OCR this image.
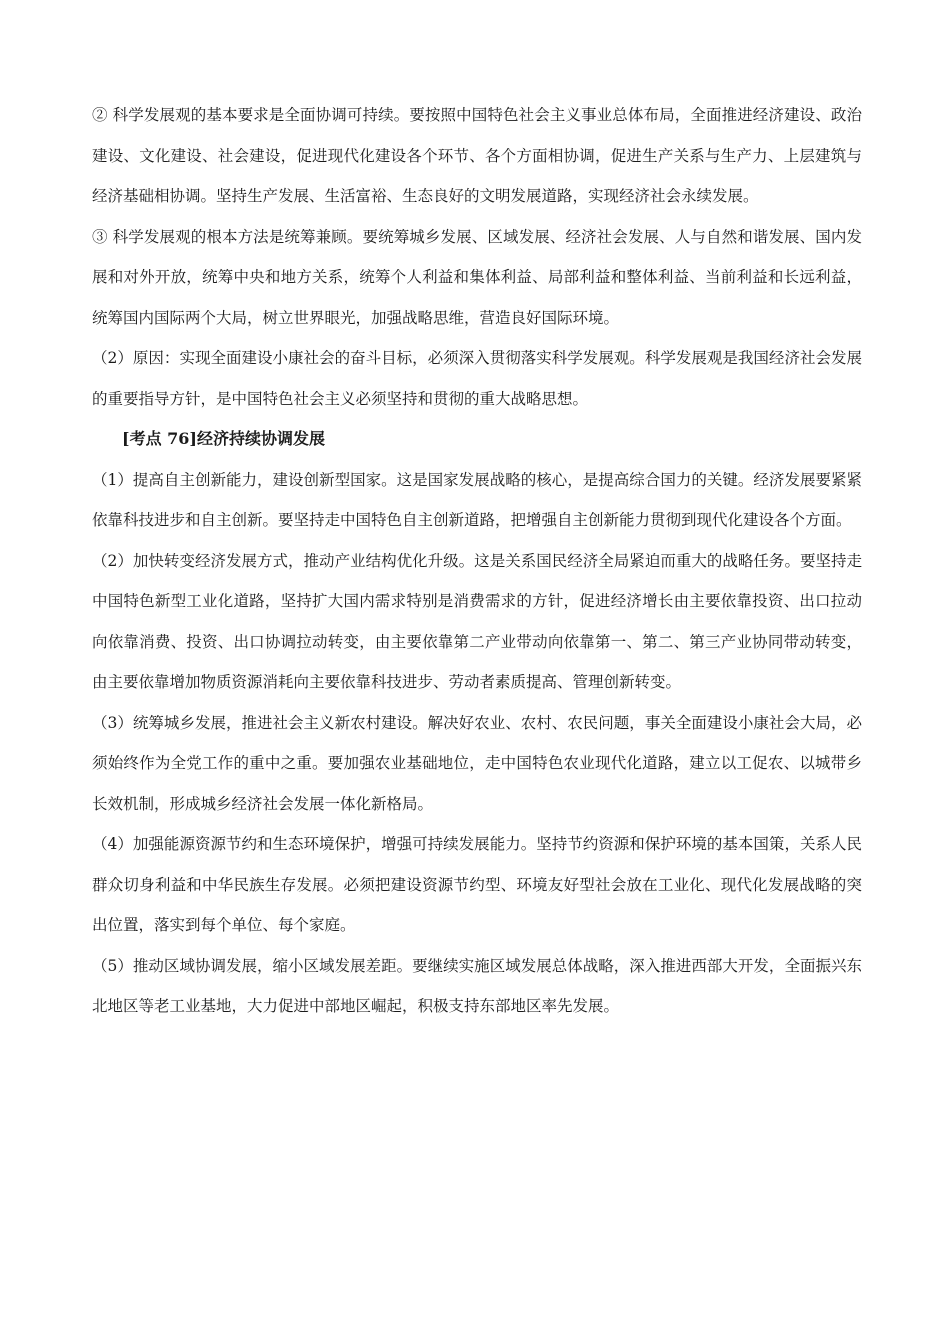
② 科学发展观的基本要求是全面协调可持续。要按照中国特色社会主义事业总体布局，全面推进经济建设、政治建设、文化建设、社会建设，促进现代化建设各个环节、各个方面相协调，促进生产关系与生产力、上层建筑与经济基础相协调。坚持生产发展、生活富裕、生态良好的文明发展道路，实现经济社会永续发展。

③ 科学发展观的根本方法是统筹兼顾。要统筹城乡发展、区域发展、经济社会发展、人与自然和谐发展、国内发展和对外开放，统筹中央和地方关系，统筹个人利益和集体利益、局部利益和整体利益、当前利益和长远利益，统筹国内国际两个大局，树立世界眼光，加强战略思维，营造良好国际环境。

（2）原因：实现全面建设小康社会的奋斗目标，必须深入贯彻落实科学发展观。科学发展观是我国经济社会发展的重要指导方针，是中国特色社会主义必须坚持和贯彻的重大战略思想。

[考点 76]经济持续协调发展

（1）提高自主创新能力，建设创新型国家。这是国家发展战略的核心，是提高综合国力的关键。经济发展要紧紧依靠科技进步和自主创新。要坚持走中国特色自主创新道路，把增强自主创新能力贯彻到现代化建设各个方面。

（2）加快转变经济发展方式，推动产业结构优化升级。这是关系国民经济全局紧迫而重大的战略任务。要坚持走中国特色新型工业化道路，坚持扩大国内需求特别是消费需求的方针，促进经济增长由主要依靠投资、出口拉动向依靠消费、投资、出口协调拉动转变，由主要依靠第二产业带动向依靠第一、第二、第三产业协同带动转变，由主要依靠增加物质资源消耗向主要依靠科技进步、劳动者素质提高、管理创新转变。

（3）统筹城乡发展，推进社会主义新农村建设。解决好农业、农村、农民问题，事关全面建设小康社会大局，必须始终作为全党工作的重中之重。要加强农业基础地位，走中国特色农业现代化道路，建立以工促农、以城带乡长效机制，形成城乡经济社会发展一体化新格局。

（4）加强能源资源节约和生态环境保护，增强可持续发展能力。坚持节约资源和保护环境的基本国策，关系人民群众切身利益和中华民族生存发展。必须把建设资源节约型、环境友好型社会放在工业化、现代化发展战略的突出位置，落实到每个单位、每个家庭。

（5）推动区域协调发展，缩小区域发展差距。要继续实施区域发展总体战略，深入推进西部大开发，全面振兴东北地区等老工业基地，大力促进中部地区崛起，积极支持东部地区率先发展。
